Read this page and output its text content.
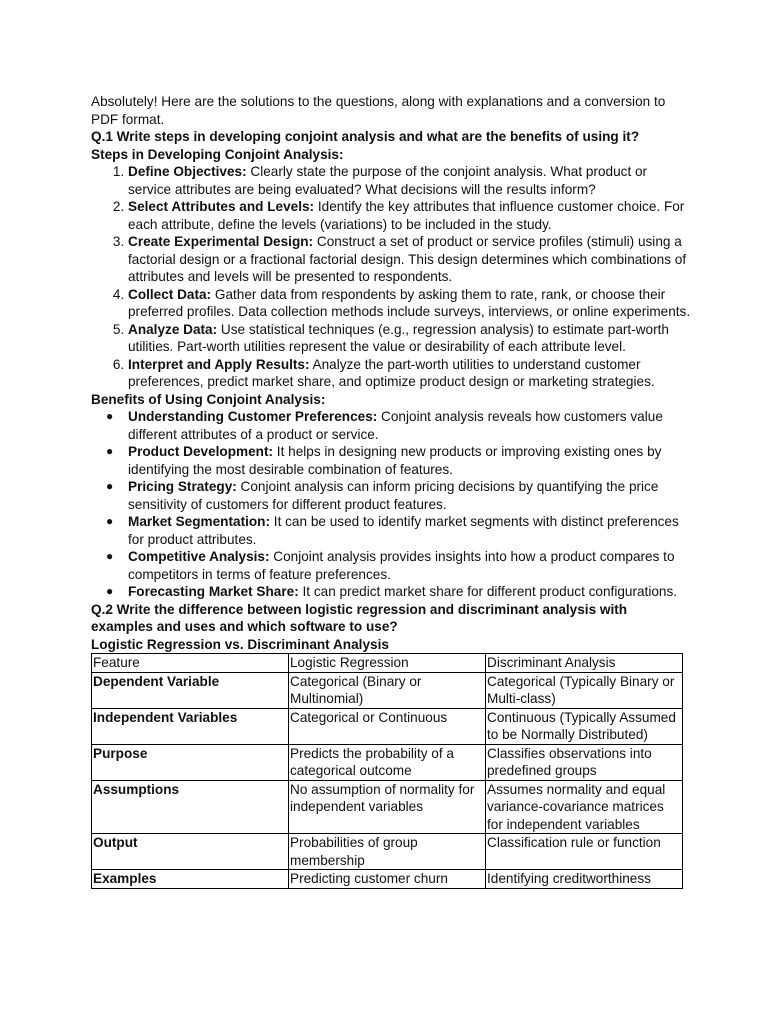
Absolutely! Here are the solutions to the questions, along with explanations and a conversion to PDF format.

Q.1 Write steps in developing conjoint analysis and what are the benefits of using it?

Steps in Developing Conjoint Analysis:

1. Define Objectives: Clearly state the purpose of the conjoint analysis. What product or service attributes are being evaluated? What decisions will the results inform?
2. Select Attributes and Levels: Identify the key attributes that influence customer choice. For each attribute, define the levels (variations) to be included in the study.
3. Create Experimental Design: Construct a set of product or service profiles (stimuli) using a factorial design or a fractional factorial design. This design determines which combinations of attributes and levels will be presented to respondents.
4. Collect Data: Gather data from respondents by asking them to rate, rank, or choose their preferred profiles. Data collection methods include surveys, interviews, or online experiments.
5. Analyze Data: Use statistical techniques (e.g., regression analysis) to estimate part-worth utilities. Part-worth utilities represent the value or desirability of each attribute level.
6. Interpret and Apply Results: Analyze the part-worth utilities to understand customer preferences, predict market share, and optimize product design or marketing strategies.

Benefits of Using Conjoint Analysis:

● Understanding Customer Preferences: Conjoint analysis reveals how customers value different attributes of a product or service.
● Product Development: It helps in designing new products or improving existing ones by identifying the most desirable combination of features.
● Pricing Strategy: Conjoint analysis can inform pricing decisions by quantifying the price sensitivity of customers for different product features.
● Market Segmentation: It can be used to identify market segments with distinct preferences for product attributes.
● Competitive Analysis: Conjoint analysis provides insights into how a product compares to competitors in terms of feature preferences.
● Forecasting Market Share: It can predict market share for different product configurations.

Q.2 Write the difference between logistic regression and discriminant analysis with examples and uses and which software to use?

Logistic Regression vs. Discriminant Analysis

Feature	Logistic Regression	Discriminant Analysis
Dependent Variable	Categorical (Binary or Multinomial)	Categorical (Typically Binary or Multi-class)
Independent Variables	Categorical or Continuous	Continuous (Typically Assumed to be Normally Distributed)
Purpose	Predicts the probability of a categorical outcome	Classifies observations into predefined groups
Assumptions	No assumption of normality for independent variables	Assumes normality and equal variance-covariance matrices for independent variables
Output	Probabilities of group membership	Classification rule or function
Examples	Predicting customer churn	Identifying creditworthiness
